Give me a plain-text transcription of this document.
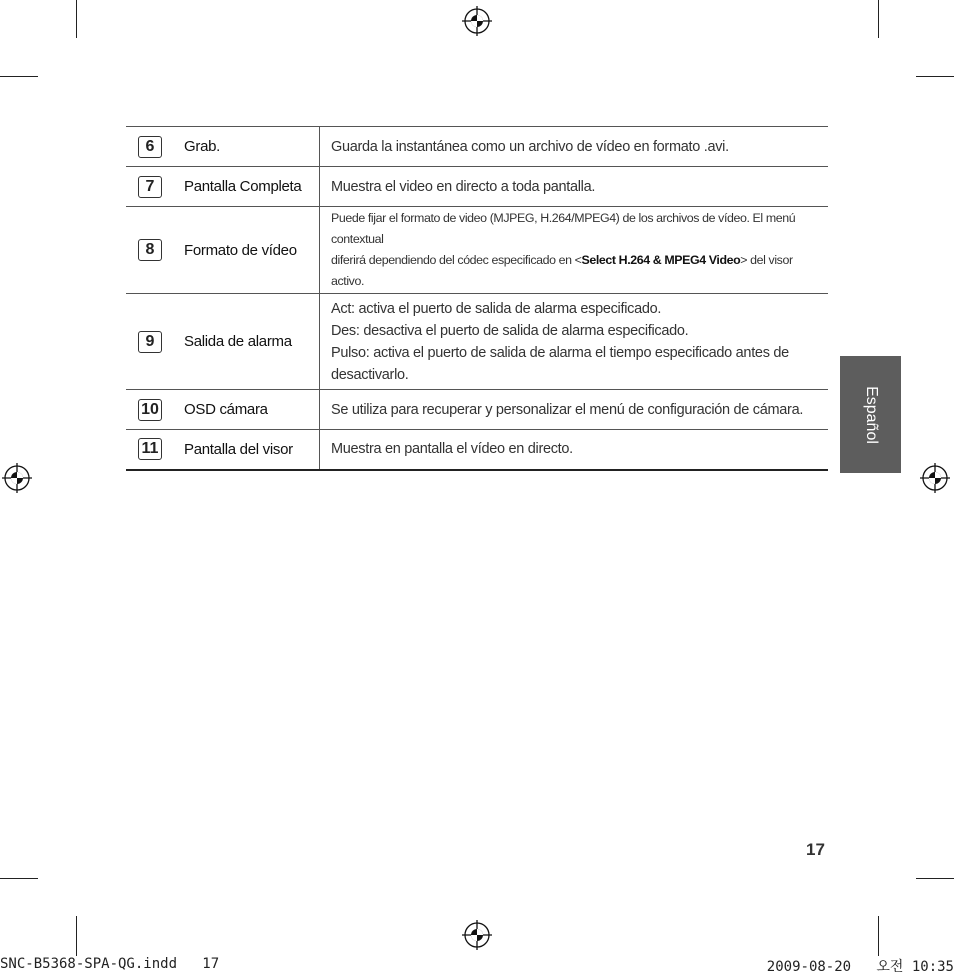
6	Grab.	Guarda la instantánea como un archivo de vídeo en formato .avi.
7	Pantalla Completa	Muestra el video en directo a toda pantalla.
8	Formato de vídeo	Puede fijar el formato de video (MJPEG, H.264/MPEG4) de los archivos de vídeo. El menú contextual
diferirá dependiendo del códec especificado en <Select H.264 & MPEG4 Video> del visor activo.
9	Salida de alarma	Act: activa el puerto de salida de alarma especificado.
Des: desactiva el puerto de salida de alarma especificado.
Pulso: activa el puerto de salida de alarma el tiempo especificado antes de
desactivarlo.
10	OSD cámara	Se utiliza para recuperar y personalizar el menú de configuración de cámara.
11	Pantalla del visor	Muestra en pantalla el vídeo en directo.
Español
17
SNC-B5368-SPA-QG.indd   17	2009-08-20   오전 10:35
